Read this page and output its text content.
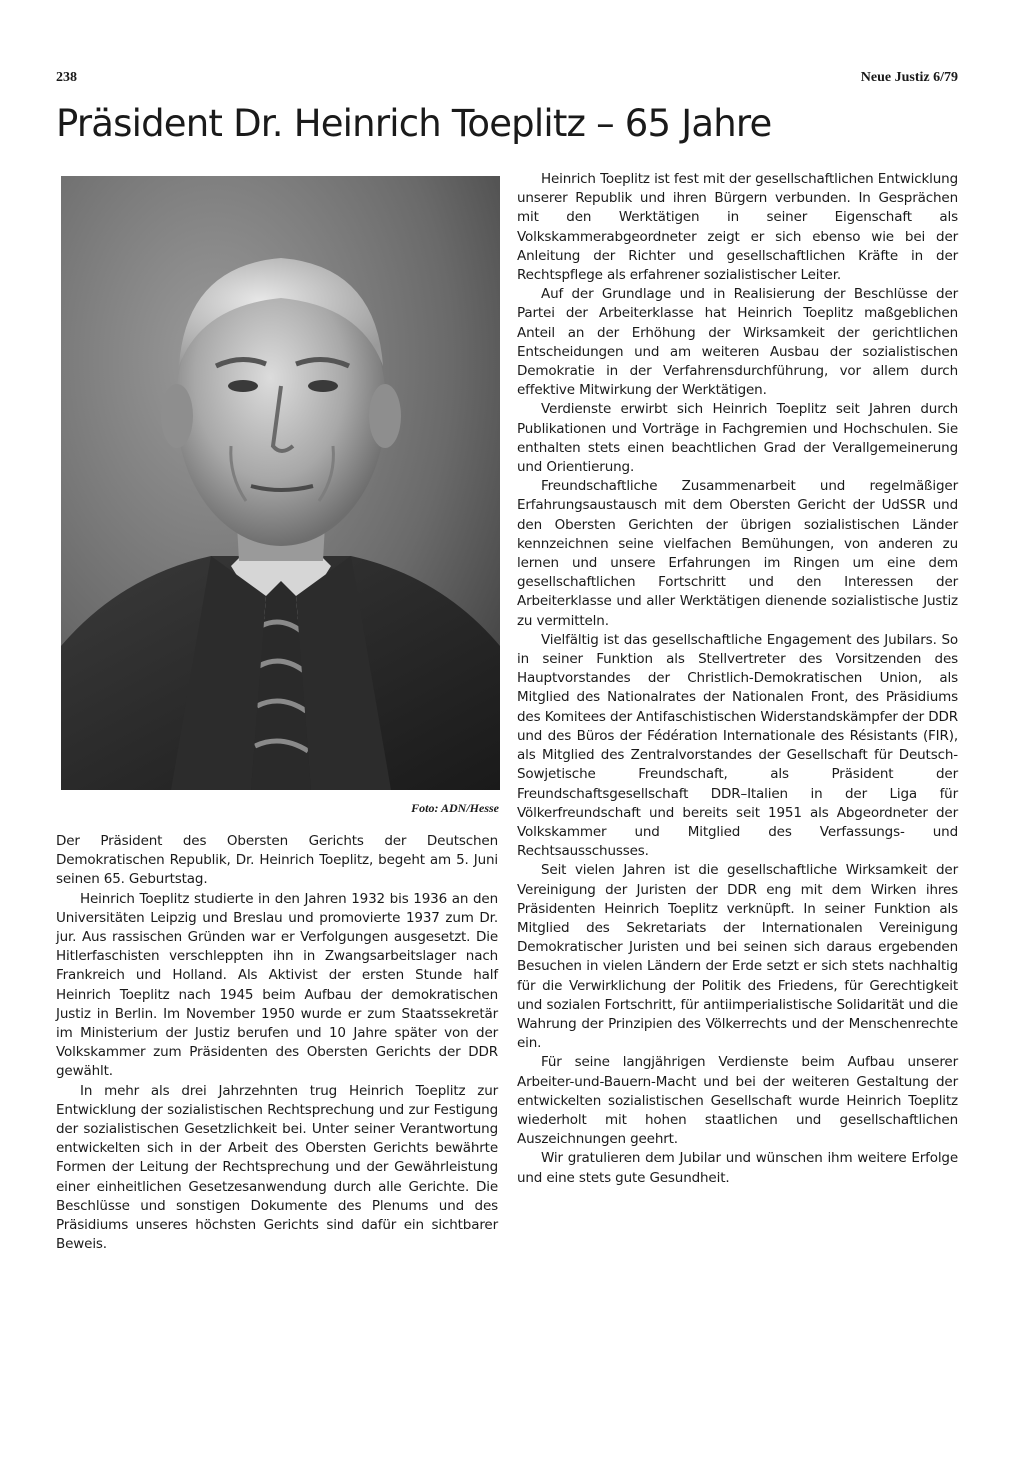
238	Neue Justiz 6/79
Präsident Dr. Heinrich Toeplitz – 65 Jahre
Foto: ADN/Hesse

Der Präsident des Obersten Gerichts der Deutschen Demokratischen Republik, Dr. Heinrich Toeplitz, begeht am 5. Juni seinen 65. Geburtstag.

Heinrich Toeplitz studierte in den Jahren 1932 bis 1936 an den Universitäten Leipzig und Breslau und promovierte 1937 zum Dr. jur. Aus rassischen Gründen war er Verfolgungen ausgesetzt. Die Hitlerfaschisten verschleppten ihn in Zwangsarbeitslager nach Frankreich und Holland. Als Aktivist der ersten Stunde half Heinrich Toeplitz nach 1945 beim Aufbau der demokratischen Justiz in Berlin. Im November 1950 wurde er zum Staatssekretär im Ministerium der Justiz berufen und 10 Jahre später von der Volkskammer zum Präsidenten des Obersten Gerichts der DDR gewählt.

In mehr als drei Jahrzehnten trug Heinrich Toeplitz zur Entwicklung der sozialistischen Rechtsprechung und zur Festigung der sozialistischen Gesetzlichkeit bei. Unter seiner Verantwortung entwickelten sich in der Arbeit des Obersten Gerichts bewährte Formen der Leitung der Rechtsprechung und der Gewährleistung einer einheitlichen Gesetzesanwendung durch alle Gerichte. Die Beschlüsse und sonstigen Dokumente des Plenums und des Präsidiums unseres höchsten Gerichts sind dafür ein sichtbarer Beweis.

Heinrich Toeplitz ist fest mit der gesellschaftlichen Entwicklung unserer Republik und ihren Bürgern verbunden. In Gesprächen mit den Werktätigen in seiner Eigenschaft als Volkskammerabgeordneter zeigt er sich ebenso wie bei der Anleitung der Richter und gesellschaftlichen Kräfte in der Rechtspflege als erfahrener sozialistischer Leiter.

Auf der Grundlage und in Realisierung der Beschlüsse der Partei der Arbeiterklasse hat Heinrich Toeplitz maßgeblichen Anteil an der Erhöhung der Wirksamkeit der gerichtlichen Entscheidungen und am weiteren Ausbau der sozialistischen Demokratie in der Verfahrensdurchführung, vor allem durch effektive Mitwirkung der Werktätigen.

Verdienste erwirbt sich Heinrich Toeplitz seit Jahren durch Publikationen und Vorträge in Fachgremien und Hochschulen. Sie enthalten stets einen beachtlichen Grad der Verallgemeinerung und Orientierung.

Freundschaftliche Zusammenarbeit und regelmäßiger Erfahrungsaustausch mit dem Obersten Gericht der UdSSR und den Obersten Gerichten der übrigen sozialistischen Länder kennzeichnen seine vielfachen Bemühungen, von anderen zu lernen und unsere Erfahrungen im Ringen um eine dem gesellschaftlichen Fortschritt und den Interessen der Arbeiterklasse und aller Werktätigen dienende sozialistische Justiz zu vermitteln.

Vielfältig ist das gesellschaftliche Engagement des Jubilars. So in seiner Funktion als Stellvertreter des Vorsitzenden des Hauptvorstandes der Christlich-Demokratischen Union, als Mitglied des Nationalrates der Nationalen Front, des Präsidiums des Komitees der Antifaschistischen Widerstandskämpfer der DDR und des Büros der Fédération Internationale des Résistants (FIR), als Mitglied des Zentralvorstandes der Gesellschaft für Deutsch-Sowjetische Freundschaft, als Präsident der Freundschaftsgesellschaft DDR–Italien in der Liga für Völkerfreundschaft und bereits seit 1951 als Abgeordneter der Volkskammer und Mitglied des Verfassungs- und Rechtsausschusses.

Seit vielen Jahren ist die gesellschaftliche Wirksamkeit der Vereinigung der Juristen der DDR eng mit dem Wirken ihres Präsidenten Heinrich Toeplitz verknüpft. In seiner Funktion als Mitglied des Sekretariats der Internationalen Vereinigung Demokratischer Juristen und bei seinen sich daraus ergebenden Besuchen in vielen Ländern der Erde setzt er sich stets nachhaltig für die Verwirklichung der Politik des Friedens, für Gerechtigkeit und sozialen Fortschritt, für antiimperialistische Solidarität und die Wahrung der Prinzipien des Völkerrechts und der Menschenrechte ein.

Für seine langjährigen Verdienste beim Aufbau unserer Arbeiter-und-Bauern-Macht und bei der weiteren Gestaltung der entwickelten sozialistischen Gesellschaft wurde Heinrich Toeplitz wiederholt mit hohen staatlichen und gesellschaftlichen Auszeichnungen geehrt.

Wir gratulieren dem Jubilar und wünschen ihm weitere Erfolge und eine stets gute Gesundheit.
